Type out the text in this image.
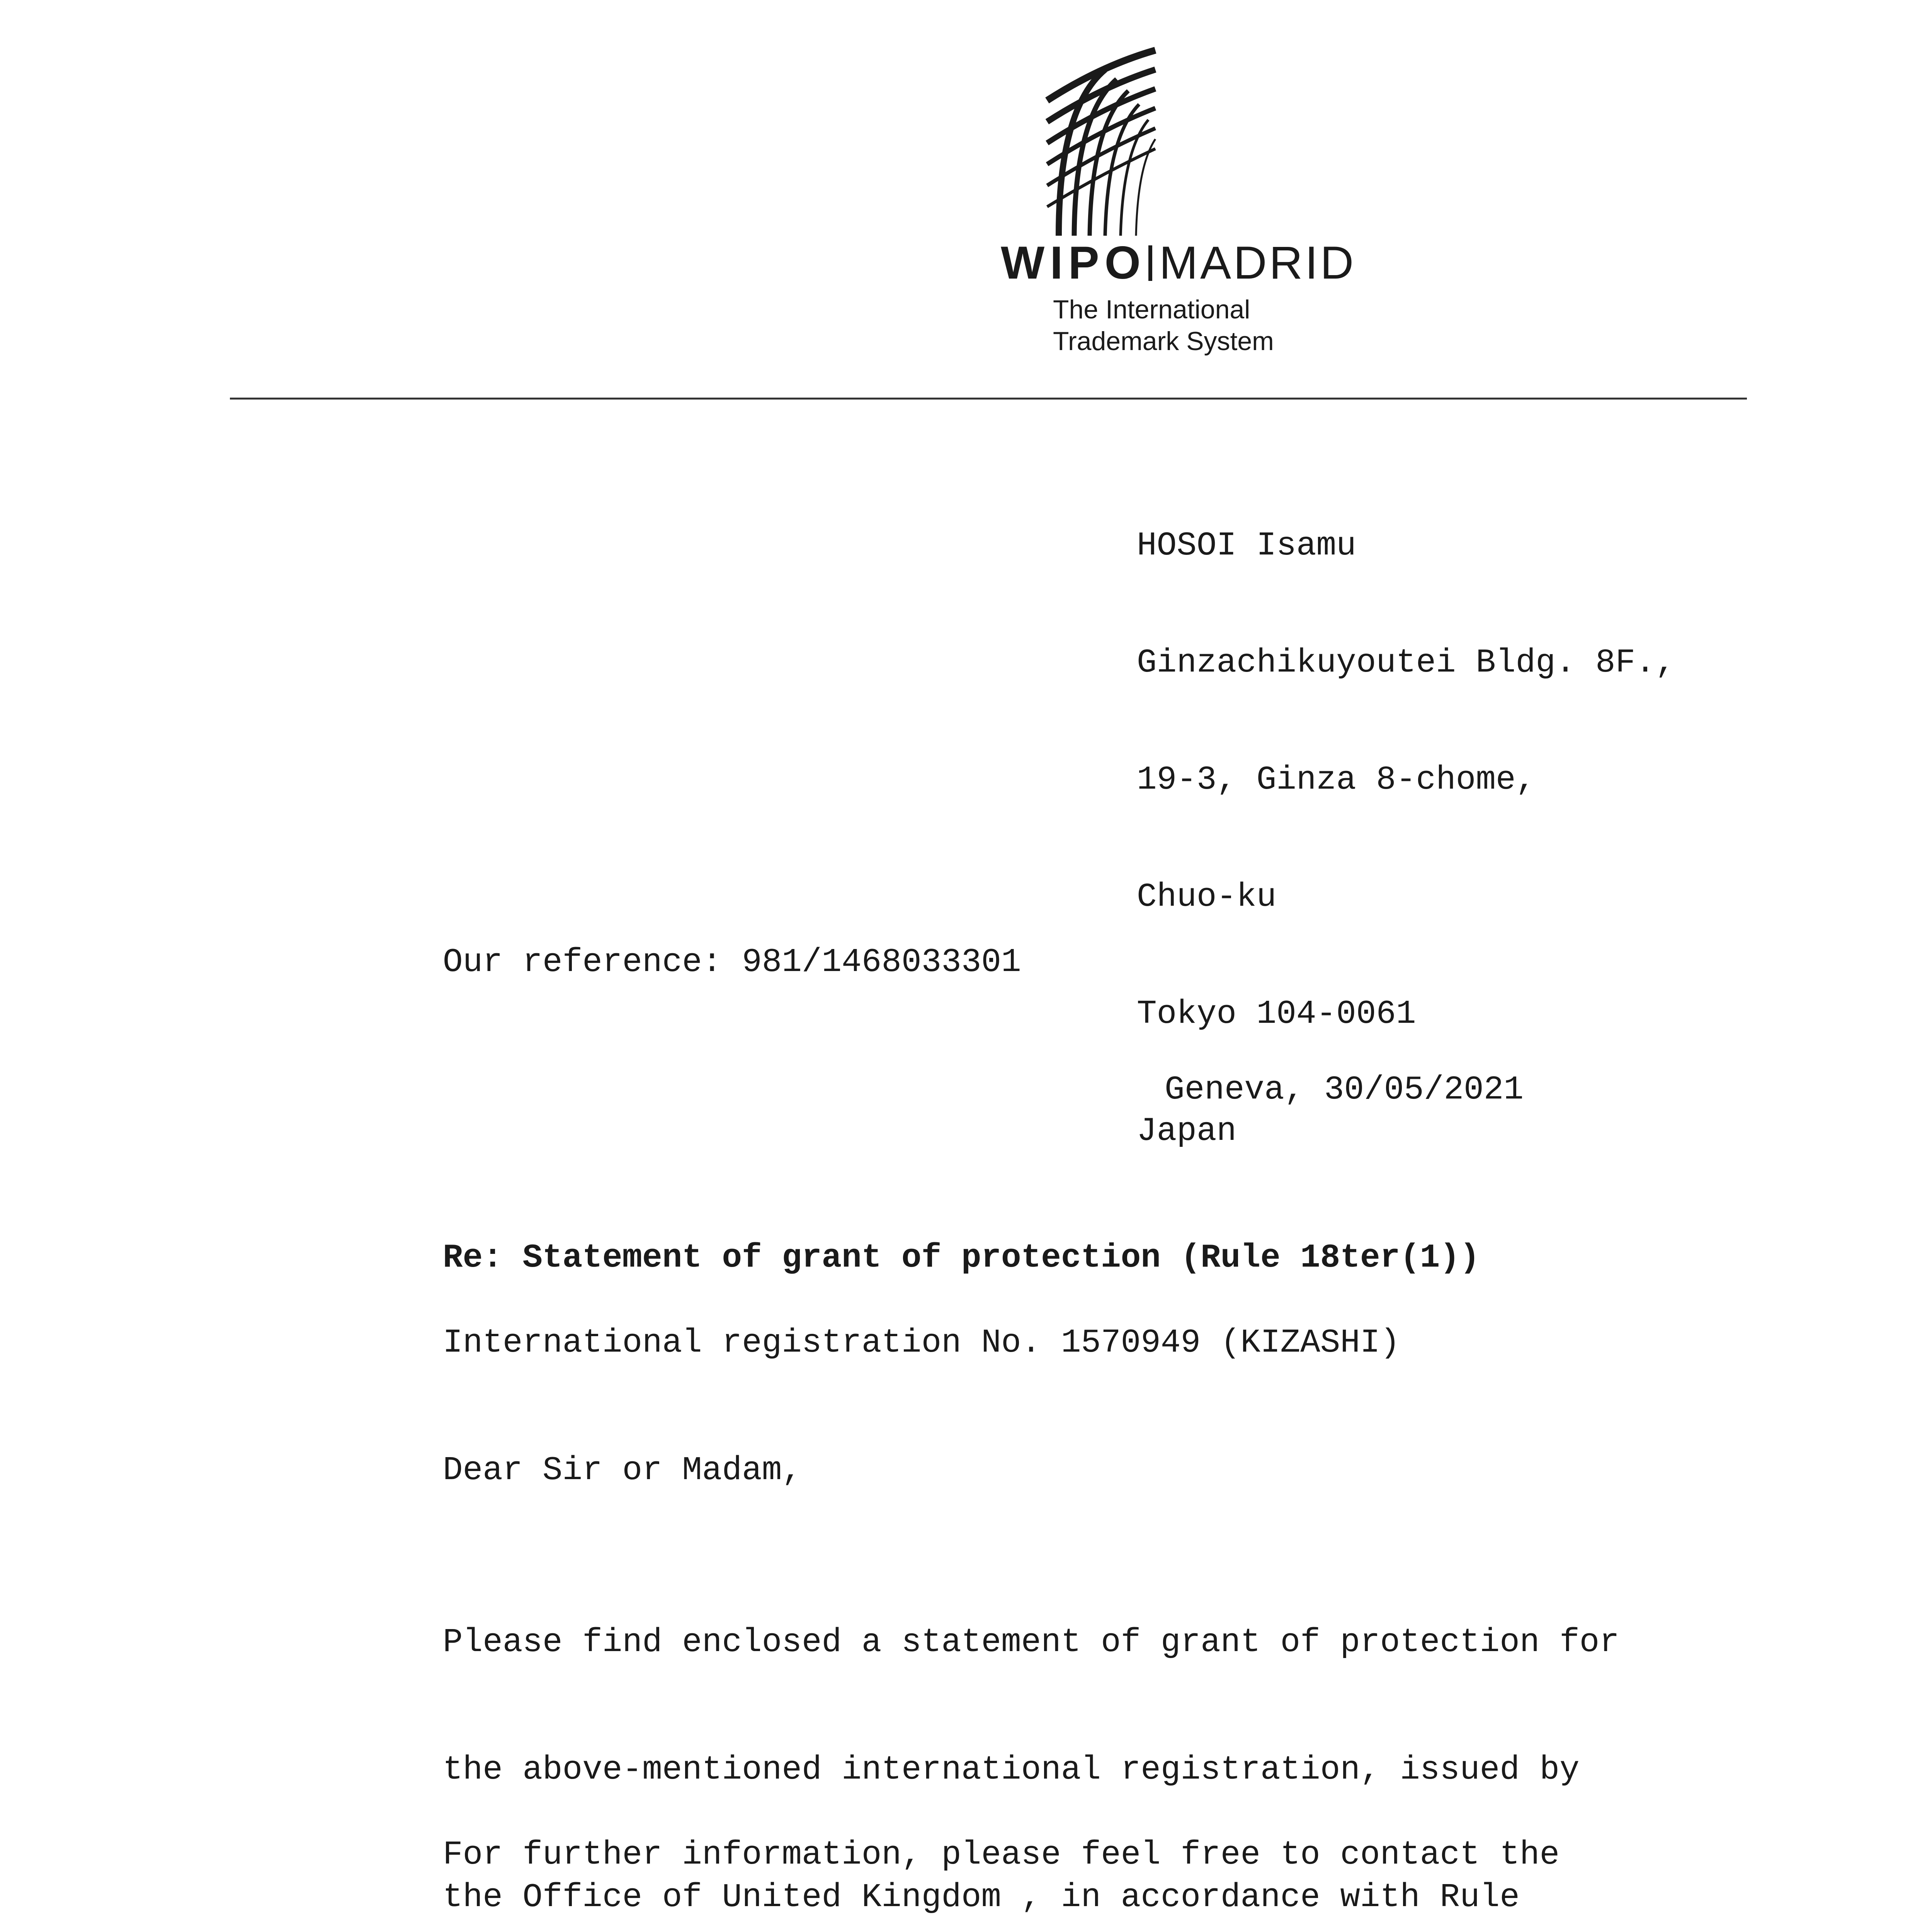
WIPO MADRID
The International
Trademark System

HOSOI Isamu

Ginzachikuyoutei Bldg. 8F.,

19-3, Ginza 8-chome,

Chuo-ku

Tokyo 104-0061

Japan

Our reference: 981/1468033301
Geneva, 30/05/2021
Re: Statement of grant of protection (Rule 18ter(1))
International registration No. 1570949 (KIZASHI)
Dear Sir or Madam,

Please find enclosed a statement of grant of protection for

the above-mentioned international registration, issued by

the Office of United Kingdom , in accordance with Rule

For further information, please feel free to contact the
